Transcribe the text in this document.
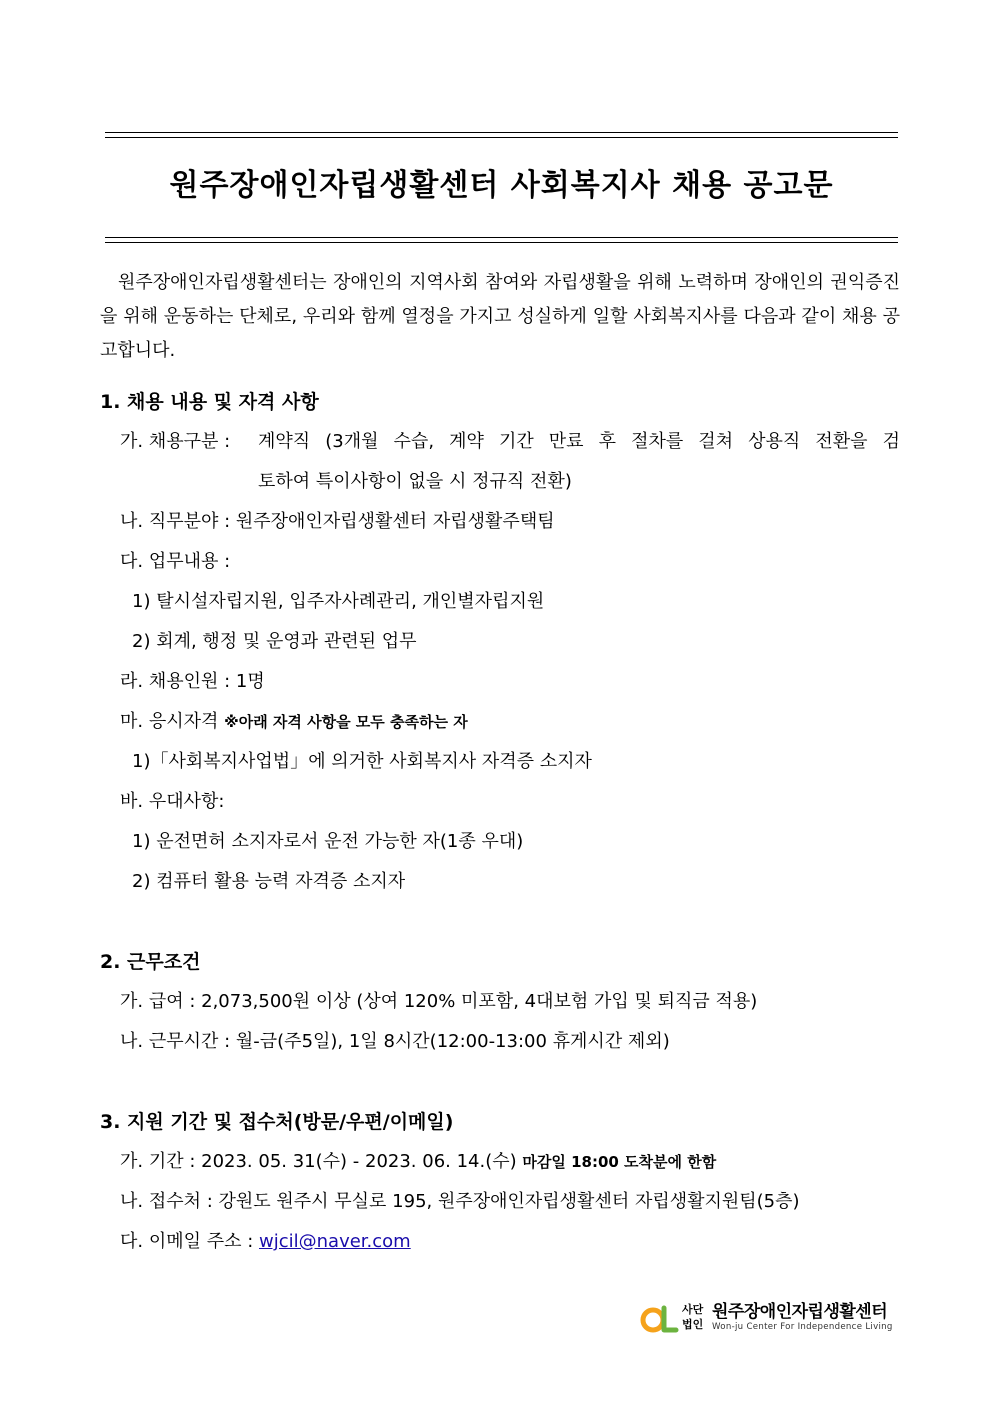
원주장애인자립생활센터 사회복지사 채용 공고문

원주장애인자립생활센터는 장애인의 지역사회 참여와 자립생활을 위해 노력하며 장애인의 권익증진을 위해 운동하는 단체로, 우리와 함께 열정을 가지고 성실하게 일할 사회복지사를 다음과 같이 채용 공고합니다.

1. 채용 내용 및 자격 사항
가. 채용구분 : 계약직 (3개월 수습, 계약 기간 만료 후 절차를 걸쳐 상용직 전환을 검
토하여 특이사항이 없을 시 정규직 전환)
나. 직무분야 : 원주장애인자립생활센터 자립생활주택팀
다. 업무내용 :
1) 탈시설자립지원, 입주자사례관리, 개인별자립지원
2) 회계, 행정 및 운영과 관련된 업무
라. 채용인원 : 1명
마. 응시자격 ※아래 자격 사항을 모두 충족하는 자
1)「사회복지사업법」에 의거한 사회복지사 자격증 소지자
바. 우대사항:
1) 운전면허 소지자로서 운전 가능한 자(1종 우대)
2) 컴퓨터 활용 능력 자격증 소지자
2. 근무조건
가. 급여 : 2,073,500원 이상 (상여 120% 미포함, 4대보험 가입 및 퇴직금 적용)
나. 근무시간 : 월-금(주5일), 1일 8시간(12:00-13:00 휴게시간 제외)
3. 지원 기간 및 접수처(방문/우편/이메일)
가. 기간 : 2023. 05. 31(수) - 2023. 06. 14.(수) 마감일 18:00 도착분에 한함
나. 접수처 : 강원도 원주시 무실로 195, 원주장애인자립생활센터 자립생활지원팀(5층)
다. 이메일 주소 : wjcil@naver.com
사단
법인
원주장애인자립생활센터
Won-ju Center For Independence Living
